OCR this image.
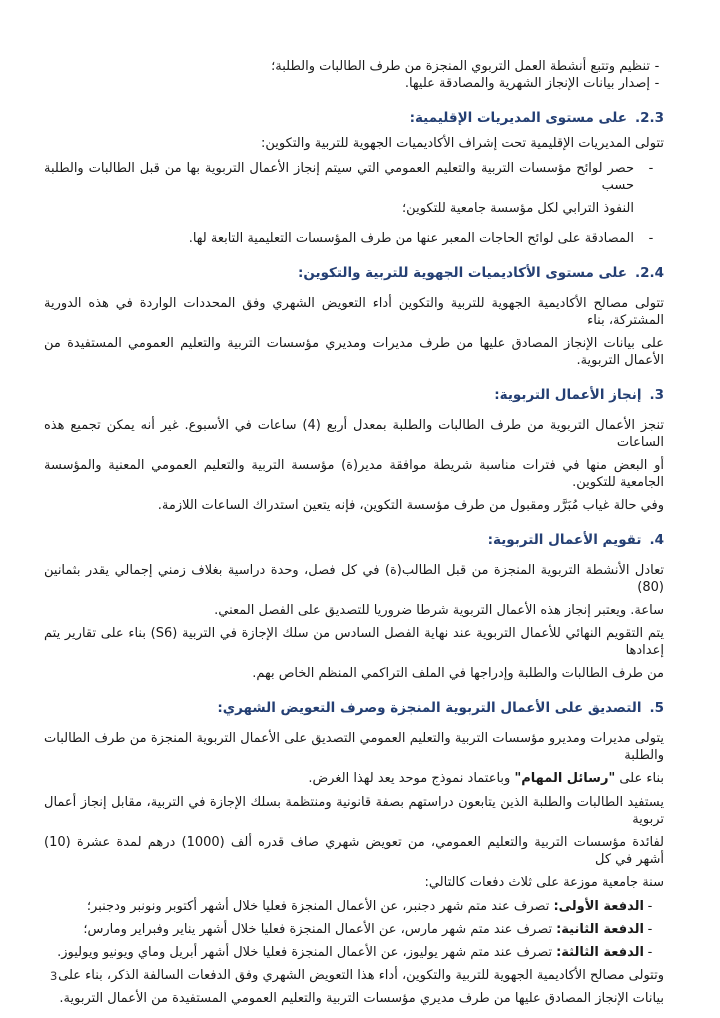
-
تنظيم وتتبع أنشطة العمل التربوي المنجزة من طرف الطالبات والطلبة؛

-
إصدار بيانات الإنجاز الشهرية والمصادقة عليها.

2.3.
على مستوى المديريات الإقليمية:

تتولى المديريات الإقليمية تحت إشراف الأكاديميات الجهوية للتربية والتكوين:

-
حصر لوائح مؤسسات التربية والتعليم العمومي التي سيتم إنجاز الأعمال التربوية بها من قبل الطالبات والطلبة حسب

النفوذ الترابي لكل مؤسسة جامعية للتكوين؛

-
المصادقة على لوائح الحاجات المعبر عنها من طرف المؤسسات التعليمية التابعة لها.

2.4.
على مستوى الأكاديميات الجهوية للتربية والتكوين:

تتولى مصالح الأكاديمية الجهوية للتربية والتكوين أداء التعويض الشهري وفق المحددات الواردة في هذه الدورية المشتركة، بناء

على بيانات الإنجاز المصادق عليها من طرف مديرات ومديري مؤسسات التربية والتعليم العمومي المستفيدة من الأعمال التربوية.

3.
إنجاز الأعمال التربوية:

تنجز الأعمال التربوية من طرف الطالبات والطلبة بمعدل أربع (4) ساعات في الأسبوع. غير أنه يمكن تجميع هذه الساعات

أو البعض منها في فترات مناسبة شريطة موافقة مدير(ة) مؤسسة التربية والتعليم العمومي المعنية والمؤسسة الجامعية للتكوين.

وفي حالة غياب مُبَرَّر ومقبول من طرف مؤسسة التكوين، فإنه يتعين استدراك الساعات اللازمة.

4.
تقويم الأعمال التربوية:

تعادل الأنشطة التربوية المنجزة من قبل الطالب(ة) في كل فصل، وحدة دراسية بغلاف زمني إجمالي يقدر بثمانين (80)

ساعة. ويعتبر إنجاز هذه الأعمال التربوية شرطا ضروريا للتصديق على الفصل المعني.

يتم التقويم النهائي للأعمال التربوية عند نهاية الفصل السادس من سلك الإجازة في التربية (S6) بناء على تقارير يتم إعدادها

من طرف الطالبات والطلبة وإدراجها في الملف التراكمي المنظم الخاص بهم.

5.
التصديق على الأعمال التربوية المنجزة وصرف التعويض الشهري:

يتولى مديرات ومديرو مؤسسات التربية والتعليم العمومي التصديق على الأعمال التربوية المنجزة من طرف الطالبات والطلبة

بناء على "رسائل المهام" وباعتماد نموذج موحد يعد لهذا الغرض.

يستفيد الطالبات والطلبة الذين يتابعون دراستهم بصفة قانونية ومنتظمة بسلك الإجازة في التربية، مقابل إنجاز أعمال تربوية

لفائدة مؤسسات التربية والتعليم العمومي، من تعويض شهري صاف قدره ألف (1000) درهم لمدة عشرة (10) أشهر في كل

سنة جامعية موزعة على ثلاث دفعات كالتالي:

-
الدفعة الأولى:
تصرف عند متم شهر دجنبر، عن الأعمال المنجزة فعليا خلال أشهر أكتوبر ونونبر ودجنبر؛

-
الدفعة الثانية:
تصرف عند متم شهر مارس، عن الأعمال المنجزة فعليا خلال أشهر يناير وفبراير ومارس؛

-
الدفعة الثالثة:
تصرف عند متم شهر يوليوز، عن الأعمال المنجزة فعليا خلال أشهر أبريل وماي ويونيو ويوليوز.

وتتولى مصالح الأكاديمية الجهوية للتربية والتكوين، أداء هذا التعويض الشهري وفق الدفعات السالفة الذكر، بناء على

بيانات الإنجاز المصادق عليها من طرف مديري مؤسسات التربية والتعليم العمومي المستفيدة من الأعمال التربوية.

3
